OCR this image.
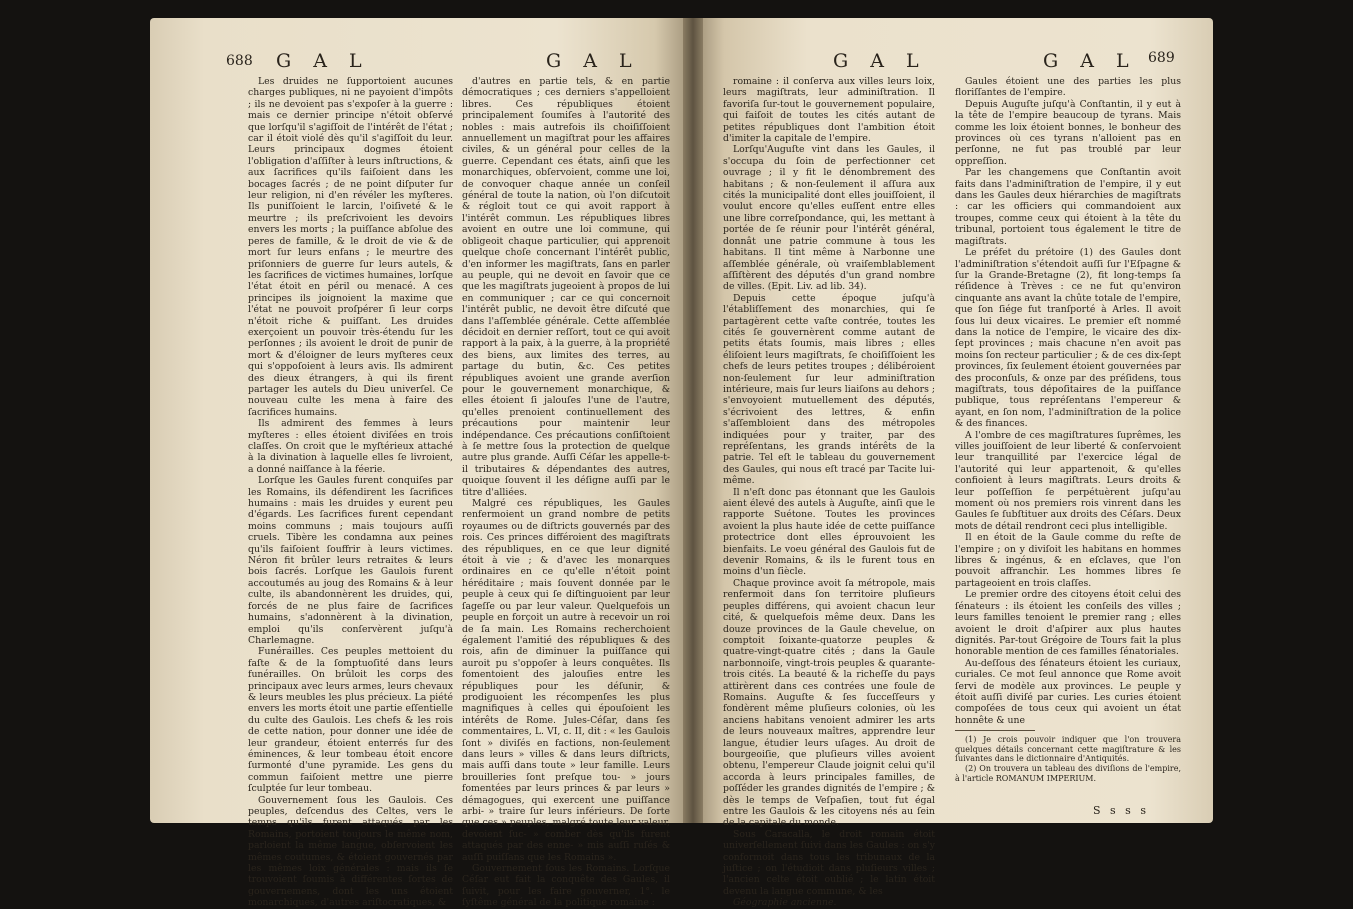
688 G A L	G A L

Les druides ne ſupportoient aucunes charges publiques, ni ne payoient d'impôts ; ils ne devoient pas s'expoſer à la guerre : mais ce dernier principe n'étoit obſervé que lorſqu'il s'agiſſoit de l'intérêt de l'état ; car il étoit violé dès qu'il s'agiſſoit du leur. Leurs principaux dogmes étoient l'obligation d'aſſiſter à leurs inſtructions, & aux ſacrifices qu'ils faiſoient dans les bocages ſacrés ; de ne point diſputer ſur leur religion, ni d'en révéler les myſteres. Ils puniſſoient le larcin, l'oiſiveté & le meurtre ; ils preſcrivoient les devoirs envers les morts ; la puiſſance abſolue des peres de famille, & le droit de vie & de mort ſur leurs enfans ; le meurtre des priſonniers de guerre ſur leurs autels, & les ſacrifices de victimes humaines, lorſque l'état étoit en péril ou menacé. A ces principes ils joignoient la maxime que l'état ne pouvoit proſpérer ſi leur corps n'étoit riche & puiſſant. Les druides exerçoient un pouvoir très-étendu ſur les perſonnes ; ils avoient le droit de punir de mort & d'éloigner de leurs myſteres ceux qui s'oppoſoient à leurs avis. Ils admirent des dieux étrangers, à qui ils firent partager les autels du Dieu univerſel. Ce nouveau culte les mena à faire des ſacrifices humains.

Ils admirent des femmes à leurs myſteres : elles étoient diviſées en trois claſſes. On croit que le myſtérieux attaché à la divination à laquelle elles ſe livroient, a donné naiſſance à la féerie.

Lorſque les Gaules furent conquiſes par les Romains, ils défendirent les ſacrifices humains : mais les druides y eurent peu d'égards. Les ſacrifices furent cependant moins communs ; mais toujours auſſi cruels. Tibère les condamna aux peines qu'ils faiſoient ſouffrir à leurs victimes. Néron fit brûler leurs retraites & leurs bois ſacrés. Lorſque les Gaulois furent accoutumés au joug des Romains & à leur culte, ils abandonnèrent les druides, qui, forcés de ne plus faire de ſacrifices humains, s'adonnèrent à la divination, emploi qu'ils conſervèrent juſqu'à Charlemagne.

Funérailles. Ces peuples mettoient du faſte & de la ſomptuoſité dans leurs funérailles. On brûloit les corps des principaux avec leurs armes, leurs chevaux & leurs meubles les plus précieux. La piété envers les morts étoit une partie eſſentielle du culte des Gaulois. Les chefs & les rois de cette nation, pour donner une idée de leur grandeur, étoient enterrés ſur des éminences, & leur tombeau étoit encore ſurmonté d'une pyramide. Les gens du commun faiſoient mettre une pierre ſculptée ſur leur tombeau.

Gouvernement ſous les Gaulois. Ces peuples, deſcendus des Celtes, vers le temps qu'ils furent attaqués par les Romains, portoient toujours le même nom, parloient la même langue, obſervoient les mêmes coutumes, & étoient gouvernés par les mêmes loix générales : mais ils ſe trouvoient ſoumis à différentes ſortes de gouvernemens, dont les uns étoient monarchiques, d'autres ariſtocratiques, &

d'autres en partie tels, & en partie démocratiques ; ces derniers s'appelloient libres. Ces républiques étoient principalement ſoumiſes à l'autorité des nobles : mais autrefois ils choiſiſſoient annuellement un magiſtrat pour les affaires civiles, & un général pour celles de la guerre. Cependant ces états, ainſi que les monarchiques, obſervoient, comme une loi, de convoquer chaque année un conſeil général de toute la nation, où l'on diſcutoit & régloit tout ce qui avoit rapport à l'intérêt commun. Les républiques libres avoient en outre une loi commune, qui obligeoit chaque particulier, qui apprenoit quelque choſe concernant l'intérêt public, d'en informer les magiſtrats, ſans en parler au peuple, qui ne devoit en ſavoir que ce que les magiſtrats jugeoient à propos de lui en communiquer ; car ce qui concernoit l'intérêt public, ne devoit être diſcuté que dans l'aſſemblée générale. Cette aſſemblée décidoit en dernier reſſort, tout ce qui avoit rapport à la paix, à la guerre, à la propriété des biens, aux limites des terres, au partage du butin, &c. Ces petites républiques avoient une grande averſion pour le gouvernement monarchique, & elles étoient ſi jalouſes l'une de l'autre, qu'elles prenoient continuellement des précautions pour maintenir leur indépendance. Ces précautions conſiſtoient à ſe mettre ſous la protection de quelque autre plus grande. Auſſi Céſar les appelle-t-il tributaires & dépendantes des autres, quoique ſouvent il les déſigne auſſi par le titre d'alliées.

Malgré ces républiques, les Gaules renfermoient un grand nombre de petits royaumes ou de diſtricts gouvernés par des rois. Ces princes différoient des magiſtrats des républiques, en ce que leur dignité étoit à vie ; & d'avec les monarques ordinaires en ce qu'elle n'étoit point héréditaire ; mais ſouvent donnée par le peuple à ceux qui ſe diſtinguoient par leur ſageſſe ou par leur valeur. Quelquefois un peuple en forçoit un autre à recevoir un roi de ſa main. Les Romains recherchoient également l'amitié des républiques & des rois, afin de diminuer la puiſſance qui auroit pu s'oppoſer à leurs conquêtes. Ils fomentoient des jalouſies entre les républiques pour les déſunir, & prodiguoient les récompenſes les plus magnifiques à celles qui épouſoient les intérêts de Rome. Jules-Céſar, dans ſes commentaires, L. VI, c. II, dit : « les Gaulois ſont » diviſés en factions, non-ſeulement dans leurs » villes & dans leurs diſtricts, mais auſſi dans toute » leur famille. Leurs brouilleries ſont preſque tou- » jours fomentées par leurs princes & par leurs » démagogues, qui exercent une puiſſance arbi- » traire ſur leurs inférieurs. De ſorte que ces » peuples, malgré toute leur valeur, devoient ſuc- » comber dès qu'ils furent attaqués par des enne- » mis auſſi ruſés & auſſi puiſſans que les Romains ».

Gouvernement ſous les Romains. Lorſque Céſar eut fait la conquête des Gaules, il ſuivit, pour les faire gouverner, 1°. le ſyſtême général de la politique romaine :

G A L	G A L 689

romaine : il conſerva aux villes leurs loix, leurs magiſtrats, leur adminiſtration. Il favoriſa ſur-tout le gouvernement populaire, qui faiſoit de toutes les cités autant de petites républiques dont l'ambition étoit d'imiter la capitale de l'empire.

Lorſqu'Auguſte vint dans les Gaules, il s'occupa du ſoin de perfectionner cet ouvrage ; il y fit le dénombrement des habitans ; & non-ſeulement il aſſura aux cités la municipalité dont elles jouiſſoient, il voulut encore qu'elles euſſent entre elles une libre correſpondance, qui, les mettant à portée de ſe réunir pour l'intérêt général, donnât une patrie commune à tous les habitans. Il tint même à Narbonne une aſſemblée générale, où vraiſemblablement aſſiſtèrent des députés d'un grand nombre de villes. (Epit. Liv. ad lib. 34).

Depuis cette époque juſqu'à l'établiſſement des monarchies, qui ſe partagèrent cette vaſte contrée, toutes les cités ſe gouvernèrent comme autant de petits états ſoumis, mais libres ; elles éliſoient leurs magiſtrats, ſe choiſiſſoient les chefs de leurs petites troupes ; délibéroient non-ſeulement ſur leur adminiſtration intérieure, mais ſur leurs liaiſons au dehors ; s'envoyoient mutuellement des députés, s'écrivoient des lettres, & enfin s'aſſembloient dans des métropoles indiquées pour y traiter, par des repréſentans, les grands intérêts de la patrie. Tel eſt le tableau du gouvernement des Gaules, qui nous eſt tracé par Tacite lui-même.

Il n'eſt donc pas étonnant que les Gaulois aient élevé des autels à Auguſte, ainſi que le rapporte Suétone. Toutes les provinces avoient la plus haute idée de cette puiſſance protectrice dont elles éprouvoient les bienfaits. Le voeu général des Gaulois fut de devenir Romains, & ils le furent tous en moins d'un ſiècle.

Chaque province avoit ſa métropole, mais renfermoit dans ſon territoire pluſieurs peuples différens, qui avoient chacun leur cité, & quelquefois même deux. Dans les douze provinces de la Gaule chevelue, on comptoit ſoixante-quatorze peuples & quatre-vingt-quatre cités ; dans la Gaule narbonnoiſe, vingt-trois peuples & quarante-trois cités. La beauté & la richeſſe du pays attirèrent dans ces contrées une foule de Romains. Auguſte & ſes ſucceſſeurs y fondèrent même pluſieurs colonies, où les anciens habitans venoient admirer les arts de leurs nouveaux maîtres, apprendre leur langue, étudier leurs uſages. Au droit de bourgeoiſie, que pluſieurs villes avoient obtenu, l'empereur Claude joignit celui qu'il accorda à leurs principales familles, de poſſéder les grandes dignités de l'empire ; & dès le temps de Veſpaſien, tout fut égal entre les Gaulois & les citoyens nés au ſein de la capitale du monde.

Sous Caracalla, le droit romain étoit univerſellement ſuivi dans les Gaules : on s'y conformoit dans tous les tribunaux de la juſtice ; on l'étudioit dans pluſieurs villes ; l'ancien celte étoit oublié ; le latin étoit devenu la langue commune, & les

Géographie ancienne.

Gaules étoient une des parties les plus floriſſantes de l'empire.

Depuis Auguſte juſqu'à Conſtantin, il y eut à la tête de l'empire beaucoup de tyrans. Mais comme les loix étoient bonnes, le bonheur des provinces où ces tyrans n'alloient pas en perſonne, ne fut pas troublé par leur oppreſſion.

Par les changemens que Conſtantin avoit faits dans l'adminiſtration de l'empire, il y eut dans les Gaules deux hiérarchies de magiſtrats : car les officiers qui commandoient aux troupes, comme ceux qui étoient à la tête du tribunal, portoient tous également le titre de magiſtrats.

Le préfet du prétoire (1) des Gaules dont l'adminiſtration s'étendoit auſſi ſur l'Eſpagne & ſur la Grande-Bretagne (2), fit long-temps ſa réſidence à Trèves : ce ne fut qu'environ cinquante ans avant la chûte totale de l'empire, que ſon ſiége fut tranſporté à Arles. Il avoit ſous lui deux vicaires. Le premier eſt nommé dans la notice de l'empire, le vicaire des dix-ſept provinces ; mais chacune n'en avoit pas moins ſon recteur particulier ; & de ces dix-ſept provinces, ſix ſeulement étoient gouvernées par des proconſuls, & onze par des préſidens, tous magiſtrats, tous dépoſitaires de la puiſſance publique, tous repréſentans l'empereur & ayant, en ſon nom, l'adminiſtration de la police & des finances.

A l'ombre de ces magiſtratures ſuprêmes, les villes jouiſſoient de leur liberté & conſervoient leur tranquillité par l'exercice légal de l'autorité qui leur appartenoit, & qu'elles confioient à leurs magiſtrats. Leurs droits & leur poſſeſſion ſe perpétuèrent juſqu'au moment où nos premiers rois vinrent dans les Gaules ſe ſubſtituer aux droits des Céſars. Deux mots de détail rendront ceci plus intelligible.

Il en étoit de la Gaule comme du reſte de l'empire ; on y diviſoit les habitans en hommes libres & ingénus, & en eſclaves, que l'on pouvoit affranchir. Les hommes libres ſe partageoient en trois claſſes.

Le premier ordre des citoyens étoit celui des ſénateurs : ils étoient les conſeils des villes ; leurs familles tenoient le premier rang ; elles avoient le droit d'aſpirer aux plus hautes dignités. Par-tout Grégoire de Tours fait la plus honorable mention de ces familles ſénatoriales.

Au-deſſous des ſénateurs étoient les curiaux, curiales. Ce mot ſeul annonce que Rome avoit ſervi de modèle aux provinces. Le peuple y étoit auſſi diviſé par curies. Les curies étoient compoſées de tous ceux qui avoient un état honnête & une

(1) Je crois pouvoir indiquer que l'on trouvera quelques détails concernant cette magiſtrature & les ſuivantes dans le dictionnaire d'Antiquités.

(2) On trouvera un tableau des diviſions de l'empire, à l'article ROMANUM IMPERIUM.

S s s s
